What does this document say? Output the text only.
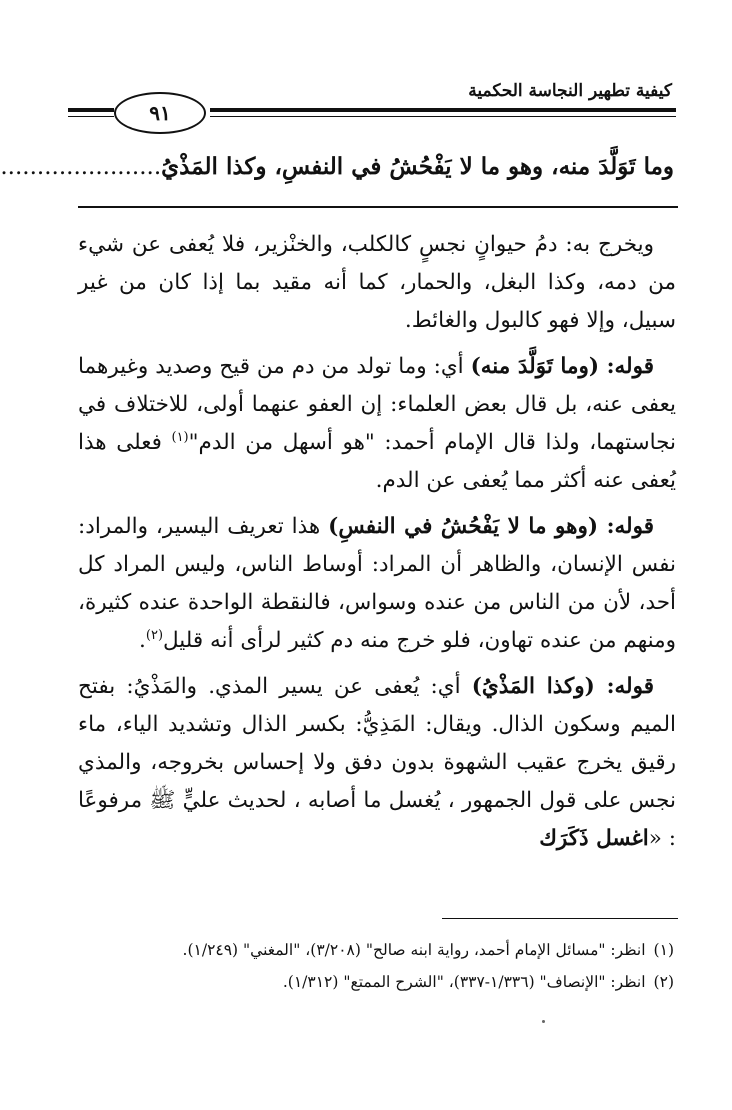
كيفية تطهير النجاسة الحكمية
٩١
وما تَوَلَّدَ منه، وهو ما لا يَفْحُشُ في النفسِ، وكذا المَذْيُ......................

ويخرج به: دمُ حيوانٍ نجسٍ كالكلب، والخنْزير، فلا يُعفى عن شيء من دمه، وكذا البغل، والحمار، كما أنه مقيد بما إذا كان من غير سبيل، وإلا فهو كالبول والغائط.

قوله: (وما تَوَلَّدَ منه) أي: وما تولد من دم من قيح وصديد وغيرهما يعفى عنه، بل قال بعض العلماء: إن العفو عنهما أولى، للاختلاف في نجاستهما، ولذا قال الإمام أحمد: "هو أسهل من الدم"$^{(١)}$ فعلى هذا يُعفى عنه أكثر مما يُعفى عن الدم.

قوله: (وهو ما لا يَفْحُشُ في النفسِ) هذا تعريف اليسير، والمراد: نفس الإنسان، والظاهر أن المراد: أوساط الناس، وليس المراد كل أحد، لأن من الناس من عنده وسواس، فالنقطة الواحدة عنده كثيرة، ومنهم من عنده تهاون، فلو خرج منه دم كثير لرأى أنه قليل$^{(٢)}$.

قوله: (وكذا المَذْيُ) أي: يُعفى عن يسير المذي. والمَذْيُ: بفتح الميم وسكون الذال. ويقال: المَذِيُّ: بكسر الذال وتشديد الياء، ماء رقيق يخرج عقيب الشهوة بدون دفق ولا إحساس بخروجه، والمذي نجس على قول الجمهور ، يُغسل ما أصابه ، لحديث عليٍّ ﷺ مرفوعًا : «اغسل ذَكَرَك

(١)انظر: "مسائل الإمام أحمد، رواية ابنه صالح" (٣/٢٠٨)، "المغني" (١/٢٤٩).
(٢)انظر: "الإنصاف" (١/٣٣٦-٣٣٧)، "الشرح الممتع" (١/٣١٢).
